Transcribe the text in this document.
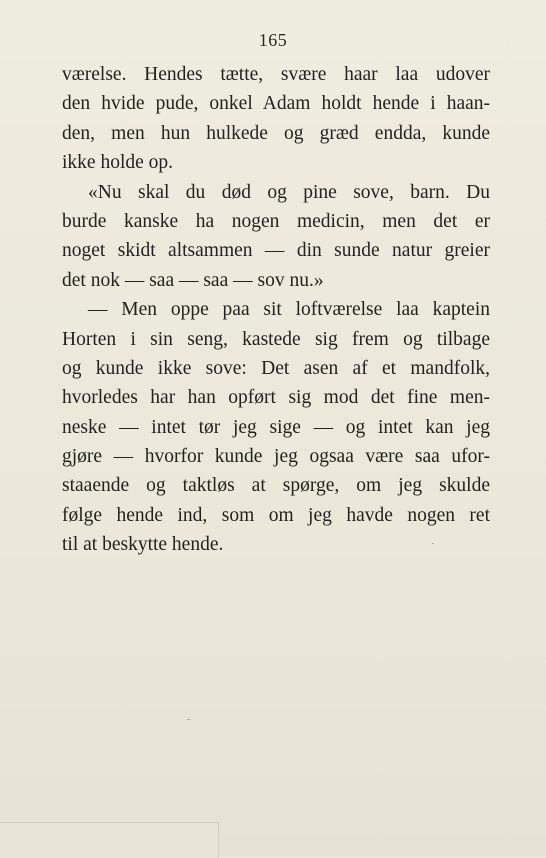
165
værelse. Hendes tætte, svære haar laa udover
den hvide pude, onkel Adam holdt hende i haan-
den, men hun hulkede og græd endda, kunde
ikke holde op.
«Nu skal du død og pine sove, barn. Du
burde kanske ha nogen medicin, men det er
noget skidt altsammen — din sunde natur greier
det nok — saa — saa — sov nu.»
— Men oppe paa sit loftværelse laa kaptein
Horten i sin seng, kastede sig frem og tilbage
og kunde ikke sove: Det asen af et mandfolk,
hvorledes har han opført sig mod det fine men-
neske — intet tør jeg sige — og intet kan jeg
gjøre — hvorfor kunde jeg ogsaa være saa ufor-
staaende og taktløs at spørge, om jeg skulde
følge hende ind, som om jeg havde nogen ret
til at beskytte hende.
